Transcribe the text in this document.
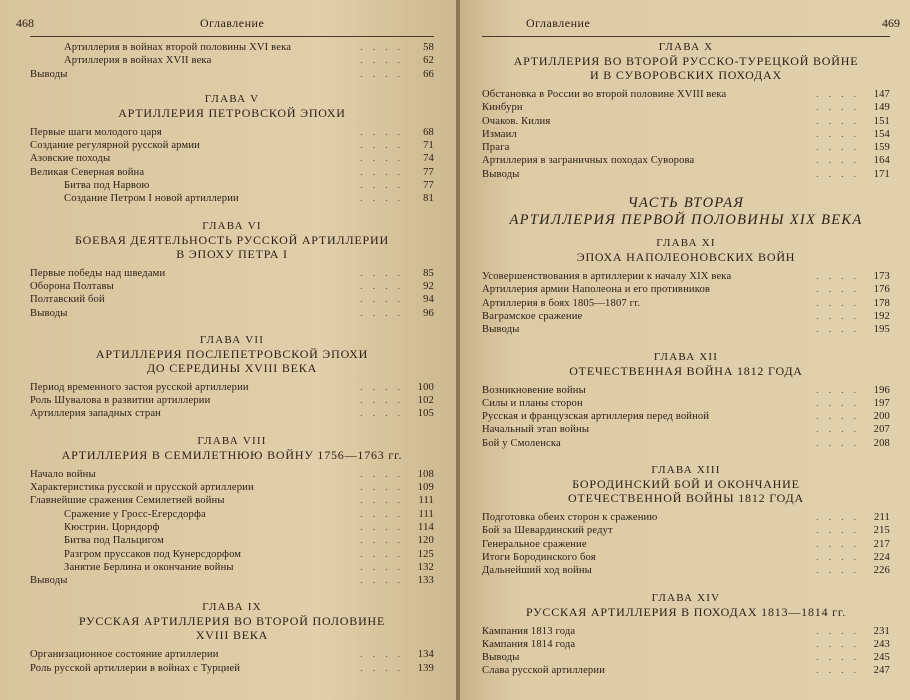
468	Оглавление
Артиллерия в войнах второй половины XVI века	. . . .	58
Артиллерия в войнах XVII века	. . . .	62
Выводы	. . . .	66
ГЛАВА V
АРТИЛЛЕРИЯ ПЕТРОВСКОЙ ЭПОХИ
Первые шаги молодого царя	. . . .	68
Создание регулярной русской армии	. . . .	71
Азовские походы	. . . .	74
Великая Северная война	. . . .	77
Битва под Нарвою	. . . .	77
Создание Петром I новой артиллерии	. . . .	81
ГЛАВА VI
БОЕВАЯ ДЕЯТЕЛЬНОСТЬ РУССКОЙ АРТИЛЛЕРИИ
В ЭПОХУ ПЕТРА I
Первые победы над шведами	. . . .	85
Оборона Полтавы	. . . .	92
Полтавский бой	. . . .	94
Выводы	. . . .	96
ГЛАВА VII
АРТИЛЛЕРИЯ ПОСЛЕПЕТРОВСКОЙ ЭПОХИ
ДО СЕРЕДИНЫ XVIII ВЕКА
Период временного застоя русской артиллерии	. . . .	100
Роль Шувалова в развитии артиллерии	. . . .	102
Артиллерия западных стран	. . . .	105
ГЛАВА VIII
АРТИЛЛЕРИЯ В СЕМИЛЕТНЮЮ ВОЙНУ 1756—1763 гг.
Начало войны	. . . .	108
Характеристика русской и прусской артиллерии	. . . .	109
Главнейшие сражения Семилетней войны	. . . .	111
Сражение у Гросс-Егерсдорфа	. . . .	111
Кюстрин. Цорндорф	. . . .	114
Битва под Пальцигом	. . . .	120
Разгром пруссаков под Кунерсдорфом	. . . .	125
Занятие Берлина и окончание войны	. . . .	132
Выводы	. . . .	133
ГЛАВА IX
РУССКАЯ АРТИЛЛЕРИЯ ВО ВТОРОЙ ПОЛОВИНЕ
XVIII ВЕКА
Организационное состояние артиллерии	. . . .	134
Роль русской артиллерии в войнах с Турцией	. . . .	139
Оглавление	469
ГЛАВА X
АРТИЛЛЕРИЯ ВО ВТОРОЙ РУССКО-ТУРЕЦКОЙ ВОЙНЕ
И В СУВОРОВСКИХ ПОХОДАХ
Обстановка в России во второй половине XVIII века	. . . .	147
Кинбурн	. . . .	149
Очаков. Килия	. . . .	151
Измаил	. . . .	154
Прага	. . . .	159
Артиллерия в заграничных походах Суворова	. . . .	164
Выводы	. . . .	171
ЧАСТЬ ВТОРАЯ
АРТИЛЛЕРИЯ ПЕРВОЙ ПОЛОВИНЫ XIX ВЕКА
ГЛАВА XI
ЭПОХА НАПОЛЕОНОВСКИХ ВОЙН
Усовершенствования в артиллерии к началу XIX века	. . . .	173
Артиллерия армии Наполеона и его противников	. . . .	176
Артиллерия в боях 1805—1807 гг.	. . . .	178
Ваграмское сражение	. . . .	192
Выводы	. . . .	195
ГЛАВА XII
ОТЕЧЕСТВЕННАЯ ВОЙНА 1812 ГОДА
Возникновение войны	. . . .	196
Силы и планы сторон	. . . .	197
Русская и французская артиллерия перед войной	. . . .	200
Начальный этап войны	. . . .	207
Бой у Смоленска	. . . .	208
ГЛАВА XIII
БОРОДИНСКИЙ БОЙ И ОКОНЧАНИЕ
ОТЕЧЕСТВЕННОЙ ВОЙНЫ 1812 ГОДА
Подготовка обеих сторон к сражению	. . . .	211
Бой за Шевардинский редут	. . . .	215
Генеральное сражение	. . . .	217
Итоги Бородинского боя	. . . .	224
Дальнейший ход войны	. . . .	226
ГЛАВА XIV
РУССКАЯ АРТИЛЛЕРИЯ В ПОХОДАХ 1813—1814 гг.
Кампания 1813 года	. . . .	231
Кампания 1814 года	. . . .	243
Выводы	. . . .	245
Слава русской артиллерии	. . . .	247
